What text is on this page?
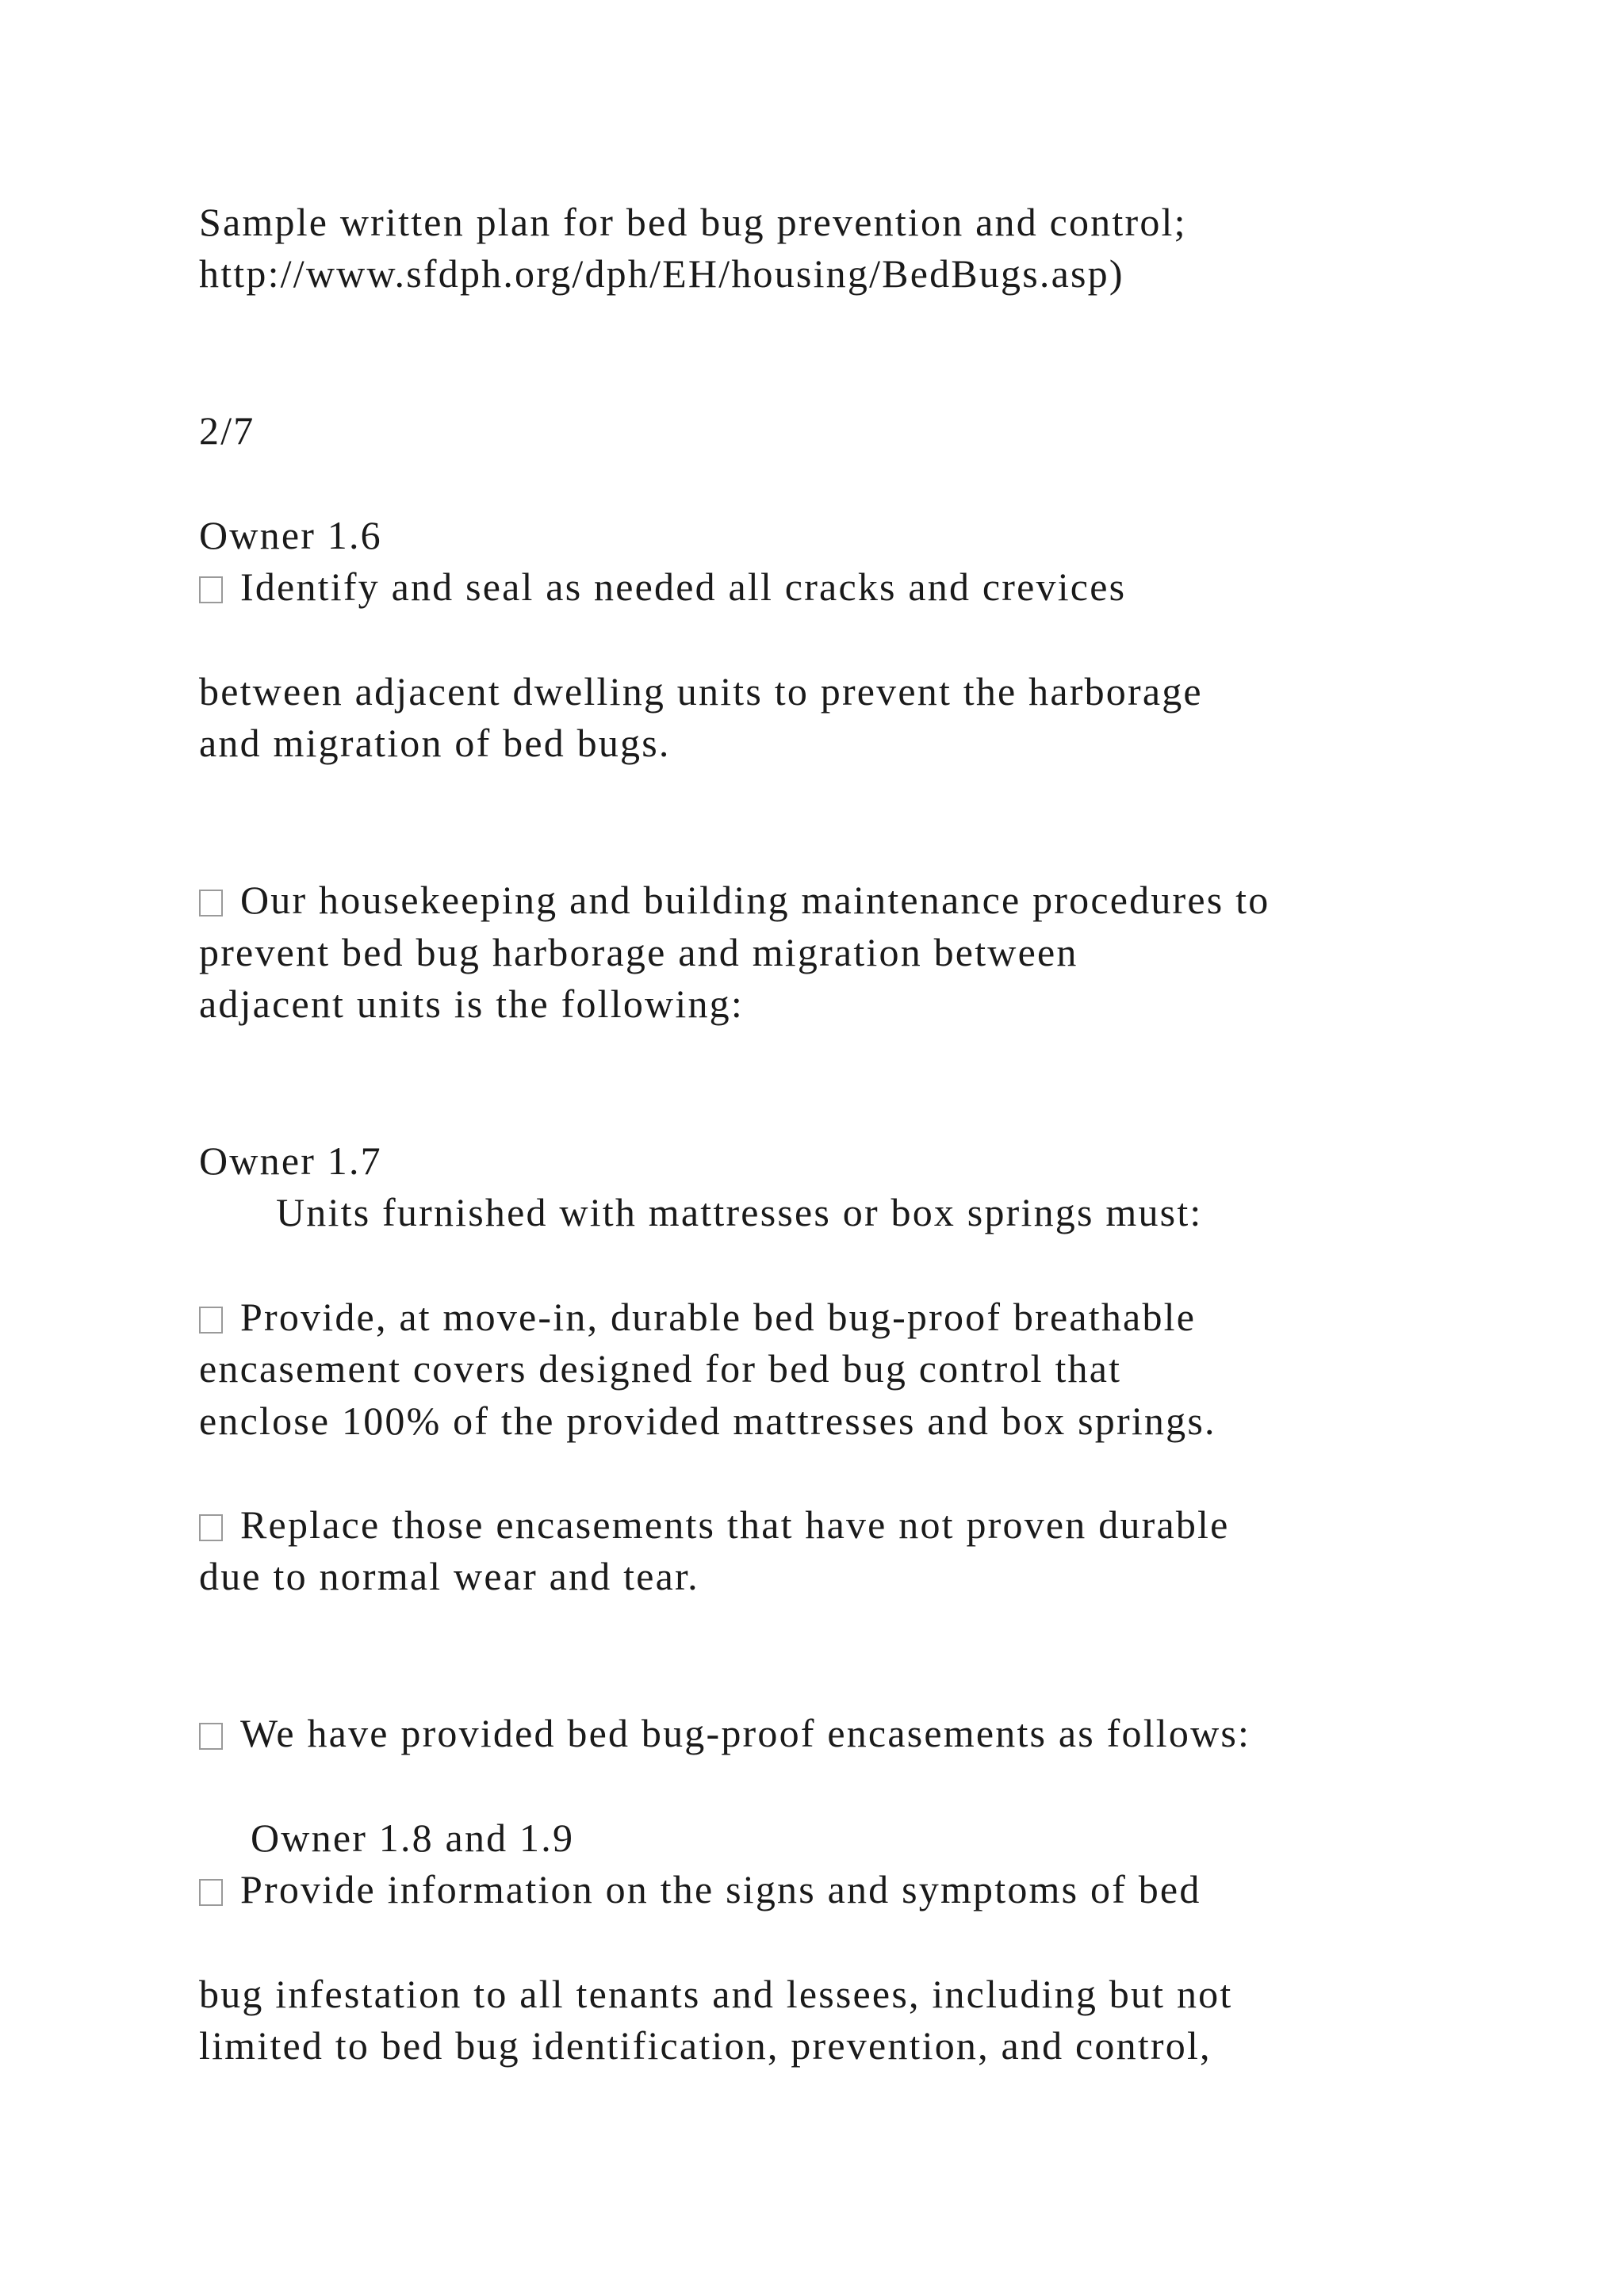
Sample written plan for bed bug prevention and control;
http://www.sfdph.org/dph/EH/housing/BedBugs.asp)
2/7
Owner 1.6
Identify and seal as needed all cracks and crevices
between adjacent dwelling units to prevent the harborage
and migration of bed bugs.
Our housekeeping and building maintenance procedures to
prevent bed bug harborage and migration between
adjacent units is the following:
Owner 1.7
Units furnished with mattresses or box springs must:
Provide, at move-in, durable bed bug-proof breathable
encasement covers designed for bed bug control that
enclose 100% of the provided mattresses and box springs.
Replace those encasements that have not proven durable
due to normal wear and tear.
We have provided bed bug-proof encasements as follows:
Owner 1.8 and 1.9
Provide information on the signs and symptoms of bed
bug infestation to all tenants and lessees, including but not
limited to bed bug identification, prevention, and control,
